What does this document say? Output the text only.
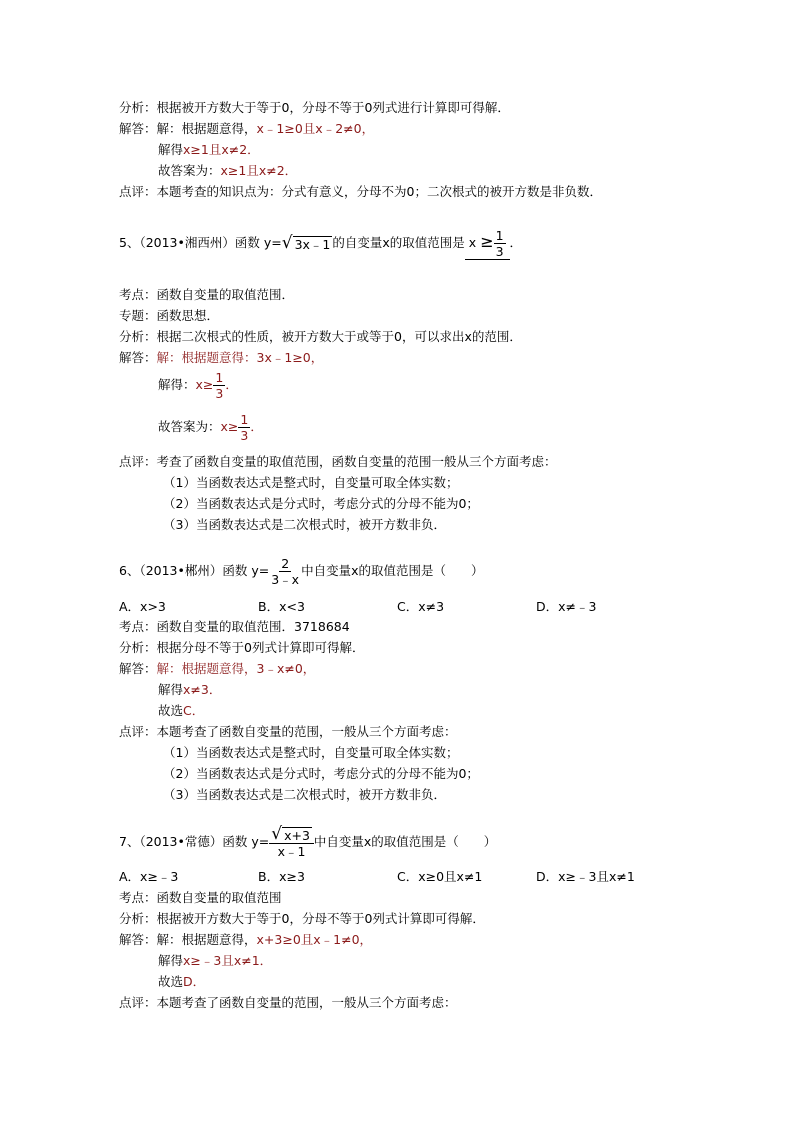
分析：根据被开方数大于等于0，分母不等于0列式进行计算即可得解．
解答：解：根据题意得，x﹣1≥0且x﹣2≠0，
解得x≥1且x≠2．
故答案为：x≥1且x≠2．
点评：本题考查的知识点为：分式有意义，分母不为0；二次根式的被开方数是非负数．
5、（2013•湘西州）函数 y= √ 3x﹣1 的自变量x的取值范围是 $x \ge \frac{1}{3}$ ．
考点：函数自变量的取值范围．
专题：函数思想．
分析：根据二次根式的性质，被开方数大于或等于0，可以求出x的范围．
解答：解：根据题意得：3x﹣1≥0，
解得：$x\ge \frac{1}{3}$ ．
故答案为：$x\ge \frac{1}{3}$ ．
点评：考查了函数自变量的取值范围，函数自变量的范围一般从三个方面考虑：
（1）当函数表达式是整式时，自变量可取全体实数；
（2）当函数表达式是分式时，考虑分式的分母不能为0；
（3）当函数表达式是二次根式时，被开方数非负．
6、（2013•郴州）函数 $y= \frac{2}{3﹣x}$ 中自变量x的取值范围是（　　）
A．x>3	B．x<3	C．x≠3	D．x≠﹣3
考点：函数自变量的取值范围．3718684
分析：根据分母不等于0列式计算即可得解．
解答：解：根据题意得，3﹣x≠0，
解得x≠3．
故选C．
点评：本题考查了函数自变量的范围，一般从三个方面考虑：
（1）当函数表达式是整式时，自变量可取全体实数；
（2）当函数表达式是分式时，考虑分式的分母不能为0；
（3）当函数表达式是二次根式时，被开方数非负．
7、（2013•常德）函数 $y= \frac{√ x+3}{x﹣1}$ 中自变量x的取值范围是（　　）
A．x≥﹣3	B．x≥3	C．x≥0且x≠1	D．x≥﹣3且x≠1
考点：函数自变量的取值范围
分析：根据被开方数大于等于0，分母不等于0列式计算即可得解．
解答：解：根据题意得，x+3≥0且x﹣1≠0，
解得x≥﹣3且x≠1．
故选D．
点评：本题考查了函数自变量的范围，一般从三个方面考虑：
